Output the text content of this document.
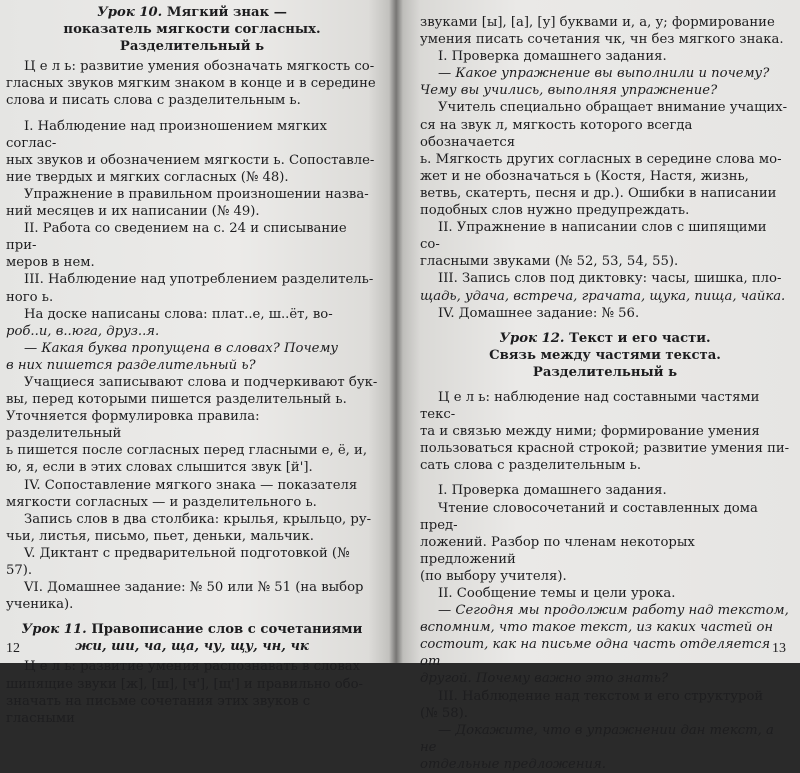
Урок 10. Мягкий знак —

показатель мягкости согласных.

Разделительный ь

Ц е л ь: развитие умения обозначать мягкость со-

гласных звуков мягким знаком в конце и в середине

слова и писать слова с разделительным ь.

I. Наблюдение над произношением мягких соглас-

ных звуков и обозначением мягкости ь. Сопоставле-

ние твердых и мягких согласных (№ 48).

Упражнение в правильном произношении назва-

ний месяцев и их написании (№ 49).

II. Работа со сведением на с. 24 и списывание при-

меров в нем.

III. Наблюдение над употреблением разделитель-

ного ь.

На доске написаны слова: плат..е, ш..ёт, во-

роб..и, в..юга, друз..я.

— Какая буква пропущена в словах? Почему

в них пишется разделительный ь?

Учащиеся записывают слова и подчеркивают бук-

вы, перед которыми пишется разделительный ь.

Уточняется формулировка правила: разделительный

ь пишется после согласных перед гласными е, ё, и,

ю, я, если в этих словах слышится звук [й'].

IV. Сопоставление мягкого знака — показателя

мягкости согласных — и разделительного ь.

Запись слов в два столбика: крылья, крыльцо, ру-

чьи, листья, письмо, пьет, деньки, мальчик.

V. Диктант с предварительной подготовкой (№ 57).

VI. Домашнее задание: № 50 или № 51 (на выбор

ученика).

Урок 11. Правописание слов с сочетаниями

жи, ши, ча, ща, чу, щу, чн, чк

Ц е л ь: развитие умения распознавать в словах

шипящие звуки [ж], [ш], [ч'], [щ'] и правильно обо-

значать на письме сочетания этих звуков с гласными

12

звуками [ы], [а], [у] буквами и, а, у; формирование

умения писать сочетания чк, чн без мягкого знака.

I. Проверка домашнего задания.

— Какое упражнение вы выполнили и почему?

Чему вы учились, выполняя упражнение?

Учитель специально обращает внимание учащих-

ся на звук л, мягкость которого всегда обозначается

ь. Мягкость других согласных в середине слова мо-

жет и не обозначаться ь (Костя, Настя, жизнь,

ветвь, скатерть, песня и др.). Ошибки в написании

подобных слов нужно предупреждать.

II. Упражнение в написании слов с шипящими со-

гласными звуками (№ 52, 53, 54, 55).

III. Запись слов под диктовку: часы, шишка, пло-

щадь, удача, встреча, грачата, щука, пища, чайка.

IV. Домашнее задание: № 56.

Урок 12. Текст и его части.

Связь между частями текста.

Разделительный ь

Ц е л ь: наблюдение над составными частями текс-

та и связью между ними; формирование умения

пользоваться красной строкой; развитие умения пи-

сать слова с разделительным ь.

I. Проверка домашнего задания.

Чтение словосочетаний и составленных дома пред-

ложений. Разбор по членам некоторых предложений

(по выбору учителя).

II. Сообщение темы и цели урока.

— Сегодня мы продолжим работу над текстом,

вспомним, что такое текст, из каких частей он

состоит, как на письме одна часть отделяется от

другой. Почему важно это знать?

III. Наблюдение над текстом и его структурой

(№ 58).

— Докажите, что в упражнении дан текст, а не

отдельные предложения.

13
